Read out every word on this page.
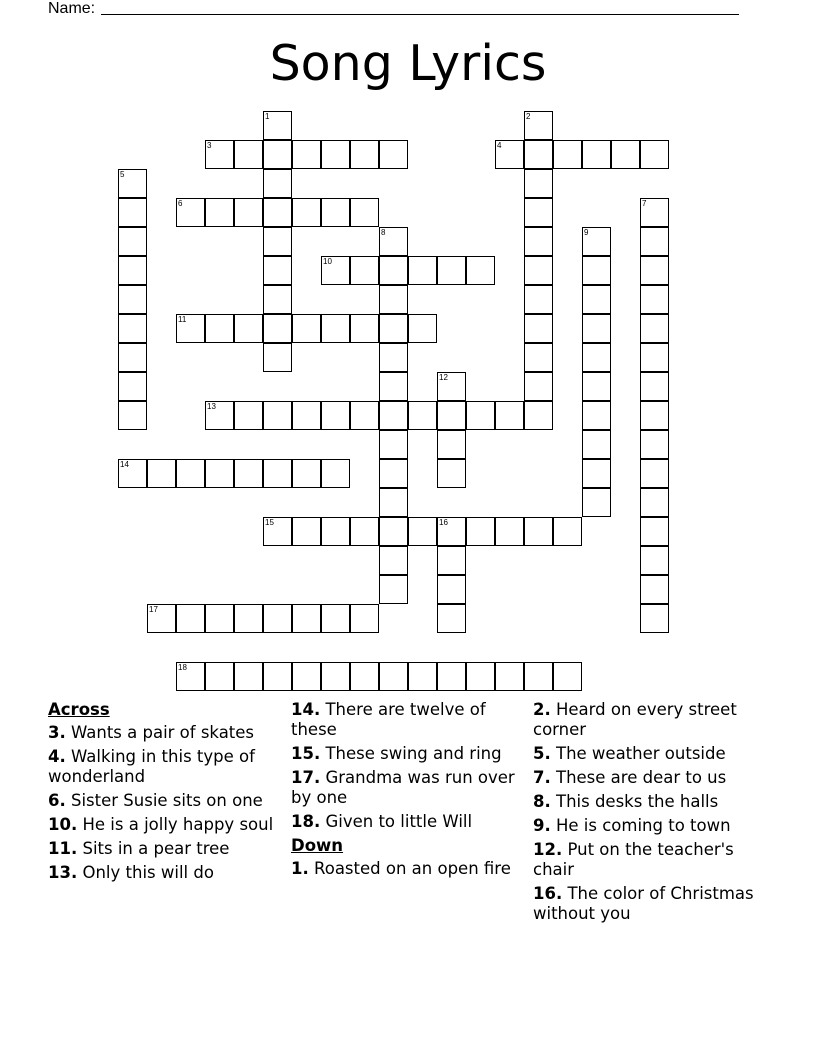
Name:
Song Lyrics
1	2
3	4
5
6	7
8	9
10
11
12
13
14
15	16
17
18
Across
3. Wants a pair of skates
4. Walking in this type of wonderland
6. Sister Susie sits on one
10. He is a jolly happy soul
11. Sits in a pear tree
13. Only this will do
14. There are twelve of these
15. These swing and ring
17. Grandma was run over by one
18. Given to little Will
Down
1. Roasted on an open fire
2. Heard on every street corner
5. The weather outside
7. These are dear to us
8. This desks the halls
9. He is coming to town
12. Put on the teacher's chair
16. The color of Christmas without you
